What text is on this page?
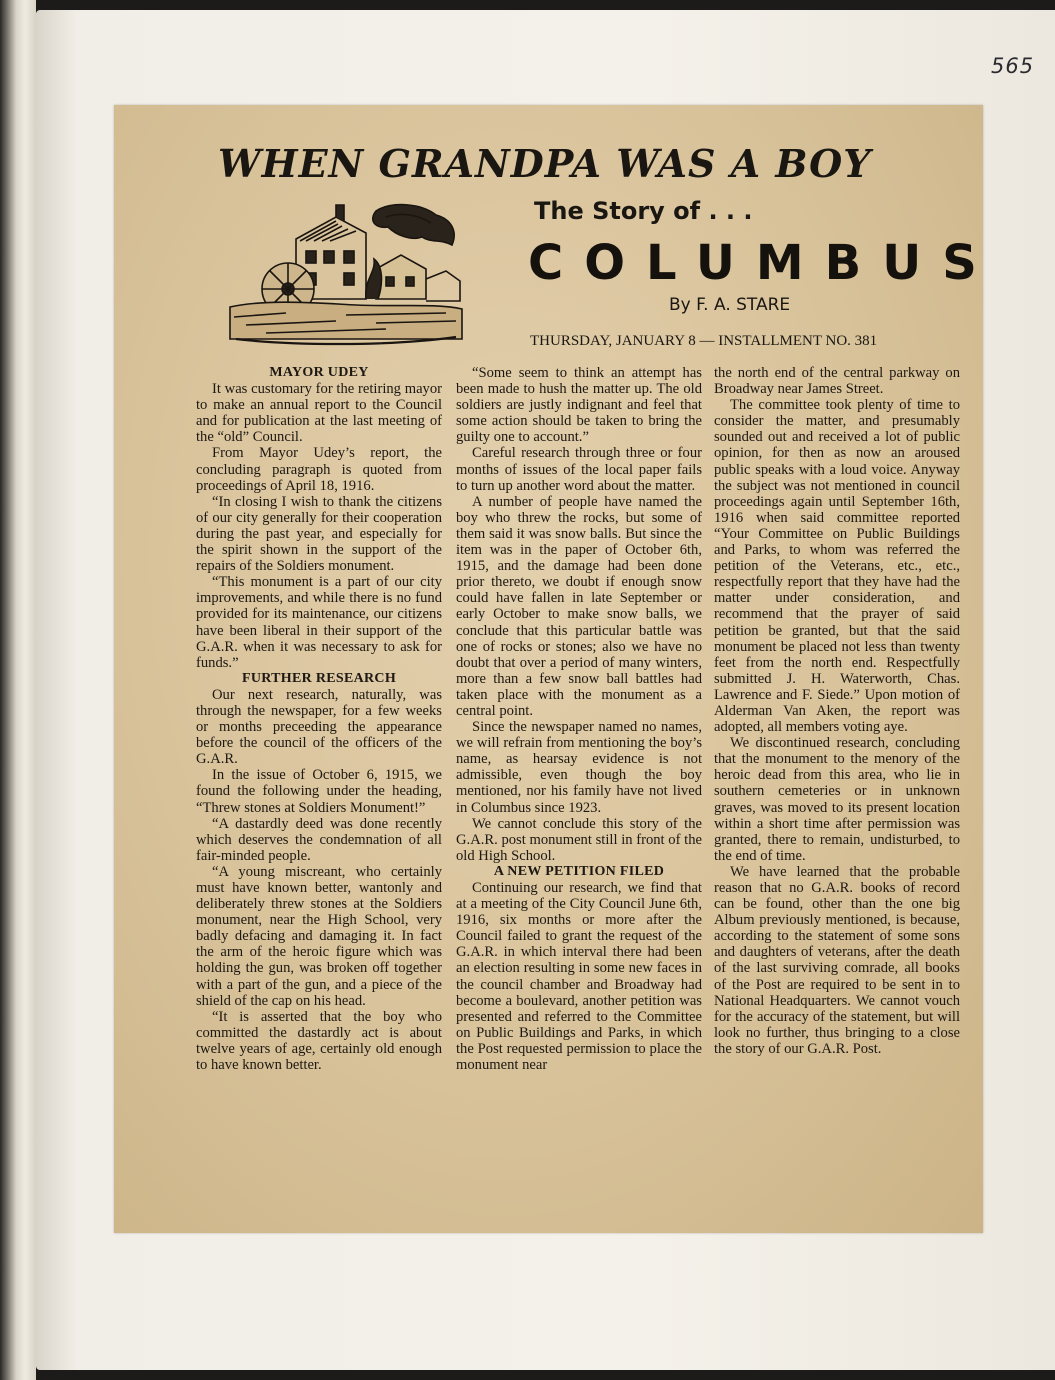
565
WHEN GRANDPA WAS A BOY
The Story of . . .
COLUMBUS
By F. A. STARE
THURSDAY, JANUARY 8 — INSTALLMENT NO. 381
MAYOR UDEY

It was customary for the retiring mayor to make an annual report to the Council and for publication at the last meeting of the “old” Council.

From Mayor Udey’s report, the concluding paragraph is quoted from proceedings of April 18, 1916.

“In closing I wish to thank the citizens of our city generally for their cooperation during the past year, and especially for the spirit shown in the support of the repairs of the Soldiers monument.

“This monument is a part of our city improvements, and while there is no fund provided for its maintenance, our citizens have been liberal in their support of the G.A.R. when it was necessary to ask for funds.”

FURTHER RESEARCH

Our next research, naturally, was through the newspaper, for a few weeks or months preceeding the appearance before the council of the officers of the G.A.R.

In the issue of October 6, 1915, we found the following under the heading, “Threw stones at Soldiers Monument!”

“A dastardly deed was done recently which deserves the condemnation of all fair-minded people.

“A young miscreant, who certainly must have known better, wantonly and deliberately threw stones at the Soldiers monument, near the High School, very badly defacing and damaging it. In fact the arm of the heroic figure which was holding the gun, was broken off together with a part of the gun, and a piece of the shield of the cap on his head.

“It is asserted that the boy who committed the dastardly act is about twelve years of age, certainly old enough to have known better.

“Some seem to think an attempt has been made to hush the matter up. The old soldiers are justly indignant and feel that some action should be taken to bring the guilty one to account.”

Careful research through three or four months of issues of the local paper fails to turn up another word about the matter.

A number of people have named the boy who threw the rocks, but some of them said it was snow balls. But since the item was in the paper of October 6th, 1915, and the damage had been done prior thereto, we doubt if enough snow could have fallen in late September or early October to make snow balls, we conclude that this particular battle was one of rocks or stones; also we have no doubt that over a period of many winters, more than a few snow ball battles had taken place with the monument as a central point.

Since the newspaper named no names, we will refrain from mentioning the boy’s name, as hearsay evidence is not admissible, even though the boy mentioned, nor his family have not lived in Columbus since 1923.

We cannot conclude this story of the G.A.R. post monument still in front of the old High School.

A NEW PETITION FILED

Continuing our research, we find that at a meeting of the City Council June 6th, 1916, six months or more after the Council failed to grant the request of the G.A.R. in which interval there had been an election resulting in some new faces in the council chamber and Broadway had become a boulevard, another petition was presented and referred to the Committee on Public Buildings and Parks, in which the Post requested permission to place the monument near

the north end of the central parkway on Broadway near James Street.

The committee took plenty of time to consider the matter, and presumably sounded out and received a lot of public opinion, for then as now an aroused public speaks with a loud voice. Anyway the subject was not mentioned in council proceedings again until September 16th, 1916 when said committee reported “Your Committee on Public Buildings and Parks, to whom was referred the petition of the Veterans, etc., etc., respectfully report that they have had the matter under consideration, and recommend that the prayer of said petition be granted, but that the said monument be placed not less than twenty feet from the north end. Respectfully submitted J. H. Waterworth, Chas. Lawrence and F. Siede.” Upon motion of Alderman Van Aken, the report was adopted, all members voting aye.

We discontinued research, concluding that the monument to the menory of the heroic dead from this area, who lie in southern cemeteries or in unknown graves, was moved to its present location within a short time after permission was granted, there to remain, undisturbed, to the end of time.

We have learned that the probable reason that no G.A.R. books of record can be found, other than the one big Album previously mentioned, is because, according to the statement of some sons and daughters of veterans, after the death of the last surviving comrade, all books of the Post are required to be sent in to National Headquarters. We cannot vouch for the accuracy of the statement, but will look no further, thus bringing to a close the story of our G.A.R. Post.
